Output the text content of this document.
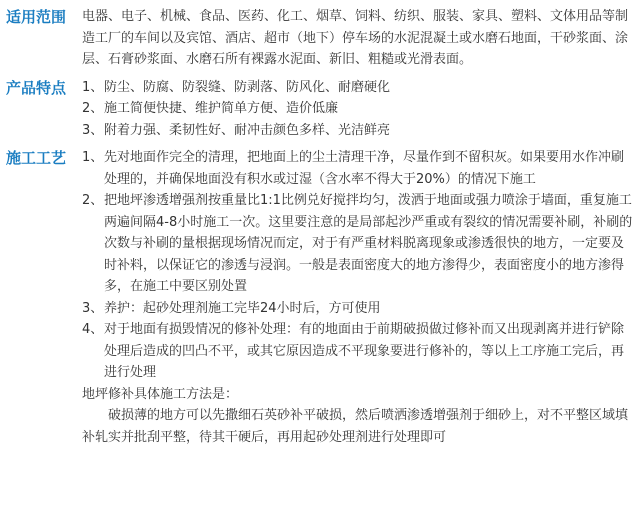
适用范围	电器、电子、机械、食品、医药、化工、烟草、饲料、纺织、服装、家具、塑料、文体用品等制造工厂的车间以及宾馆、酒店、超市（地下）停车场的水泥混凝土或水磨石地面，干砂浆面、涂层、石膏砂浆面、水磨石所有裸露水泥面、新旧、粗糙或光滑表面。

产品特点	1、 防尘、防腐、防裂缝、防剥落、防风化、耐磨硬化
2、 施工简便快捷、维护简单方便、造价低廉
3、 附着力强、柔韧性好、耐冲击颜色多样、光洁鲜亮
施工工艺	1、 先对地面作完全的清理，把地面上的尘土清理干净，尽量作到不留积灰。如果要用水作冲刷处理的，并确保地面没有积水或过湿（含水率不得大于20%）的情况下施工
2、 把地坪渗透增强剂按重量比1:1比例兑好搅拌均匀，泼洒于地面或强力喷涂于墙面，重复施工两遍间隔4-8小时施工一次。这里要注意的是局部起沙严重或有裂纹的情况需要补刷，补刷的次数与补刷的量根据现场情况而定，对于有严重材料脱离现象或渗透很快的地方，一定要及时补料，以保证它的渗透与浸润。一般是表面密度大的地方渗得少，表面密度小的地方渗得多，在施工中要区别处置
3、 养护：起砂处理剂施工完毕24小时后，方可使用
4、 对于地面有损毁情况的修补处理：有的地面由于前期破损做过修补而又出现剥离并进行铲除处理后造成的凹凸不平，或其它原因造成不平现象要进行修补的，等以上工序施工完后，再进行处理

地坪修补具体施工方法是：

破损薄的地方可以先撒细石英砂补平破损，然后喷洒渗透增强剂于细砂上，对不平整区域填补轧实并批刮平整，待其干硬后，再用起砂处理剂进行处理即可
